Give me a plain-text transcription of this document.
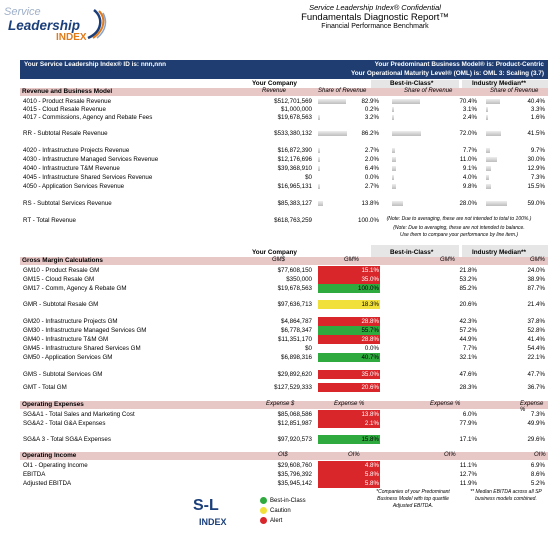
Service
Leadership
INDEX
Service Leadership Index® Confidential
Fundamentals Diagnostic Report™
Financial Performance Benchmark
Your Service Leadership Index® ID is: nnn,nnn	Your Predominant Business Model® is: Product-Centric
Your Operational Maturity Level® (OML) is: OML 3: Scaling (3.7)
Your Company	Best-in-Class*	Industry Median**
Revenue and Business Model	Revenue	Share of Revenue	Share of Revenue	Share of Revenue
4010 - Product Resale Revenue	$512,701,569	82.9%	70.4%	40.4%
4015 - Cloud Resale Revenue	$1,000,000	0.2%	3.1%	3.3%
4017 - Commissions, Agency and Rebate Fees	$19,678,563	3.2%	2.4%	1.6%
RR - Subtotal Resale Revenue	$533,380,132	86.2%	72.0%	41.5%
4020 - Infrastructure Projects Revenue	$16,872,390	2.7%	7.7%	9.7%
4030 - Infrastructure Managed Services Revenue	$12,176,696	2.0%	11.0%	30.0%
4040 - Infrastructure T&M Revenue	$39,368,910	6.4%	9.1%	12.9%
4045 - Infrastructure Shared Services Revenue	$0	0.0%	4.0%	7.3%
4050 - Application Services Revenue	$16,965,131	2.7%	9.8%	15.5%
RS - Subtotal Services Revenue	$85,383,127	13.8%	28.0%	59.0%
RT - Total Revenue	$618,763,259	100.0%	(Note: Due to averaging, these are not intended to total to 100%.)
(Note: Due to averaging, these are not intended to balance.
Use them to compare your performance by line item.)
Your Company	Best-in-Class*	Industry Median**
Gross Margin Calculations	GM$	GM%	GM%	GM%
GM10 - Product Resale GM	$77,608,150	15.1%	21.8%	24.0%
GM15 - Cloud Resale GM	$350,000	35.0%	53.2%	38.9%
GM17 - Comm, Agency & Rebate GM	$19,678,563	100.0%	85.2%	87.7%
GMR - Subtotal Resale GM	$97,636,713	18.3%	20.6%	21.4%
GM20 - Infrastructure Projects GM	$4,864,787	28.8%	42.3%	37.8%
GM30 - Infrastructure Managed Services GM	$6,778,347	55.7%	57.2%	52.8%
GM40 - Infrastructure T&M GM	$11,351,170	28.8%	44.9%	41.4%
GM45 - Infrastructure Shared Services GM	$0	0.0%	7.7%	54.4%
GM50 - Application Services GM	$6,898,316	40.7%	32.1%	22.1%
GMS - Subtotal Services GM	$29,892,620	35.0%	47.6%	47.7%
GMT - Total GM	$127,529,333	20.6%	28.3%	36.7%
Operating Expenses	Expense $	Expense %	Expense %	Expense %
SG&A1 - Total Sales and Marketing Cost	$85,068,586	13.8%	6.0%	7.3%
SG&A2 - Total G&A Expenses	$12,851,987	2.1%	77.9%	49.9%
SG&A 3 - Total SG&A Expenses	$97,920,573	15.8%	17.1%	29.6%
Operating Income	OI$	OI%	OI%	OI%
OI1 - Operating Income	$29,608,760	4.8%	11.1%	6.9%
EBITDA	$35,796,392	5.8%	12.7%	8.6%
Adjusted EBITDA	$35,945,142	5.8%	11.9%	5.2%
S-L
INDEX
Best-in-Class
Caution
Alert
*Companies of your Predominant Business Model with top quartile Adjusted EBITDA.
** Median EBITDA across all SP business models combined.
